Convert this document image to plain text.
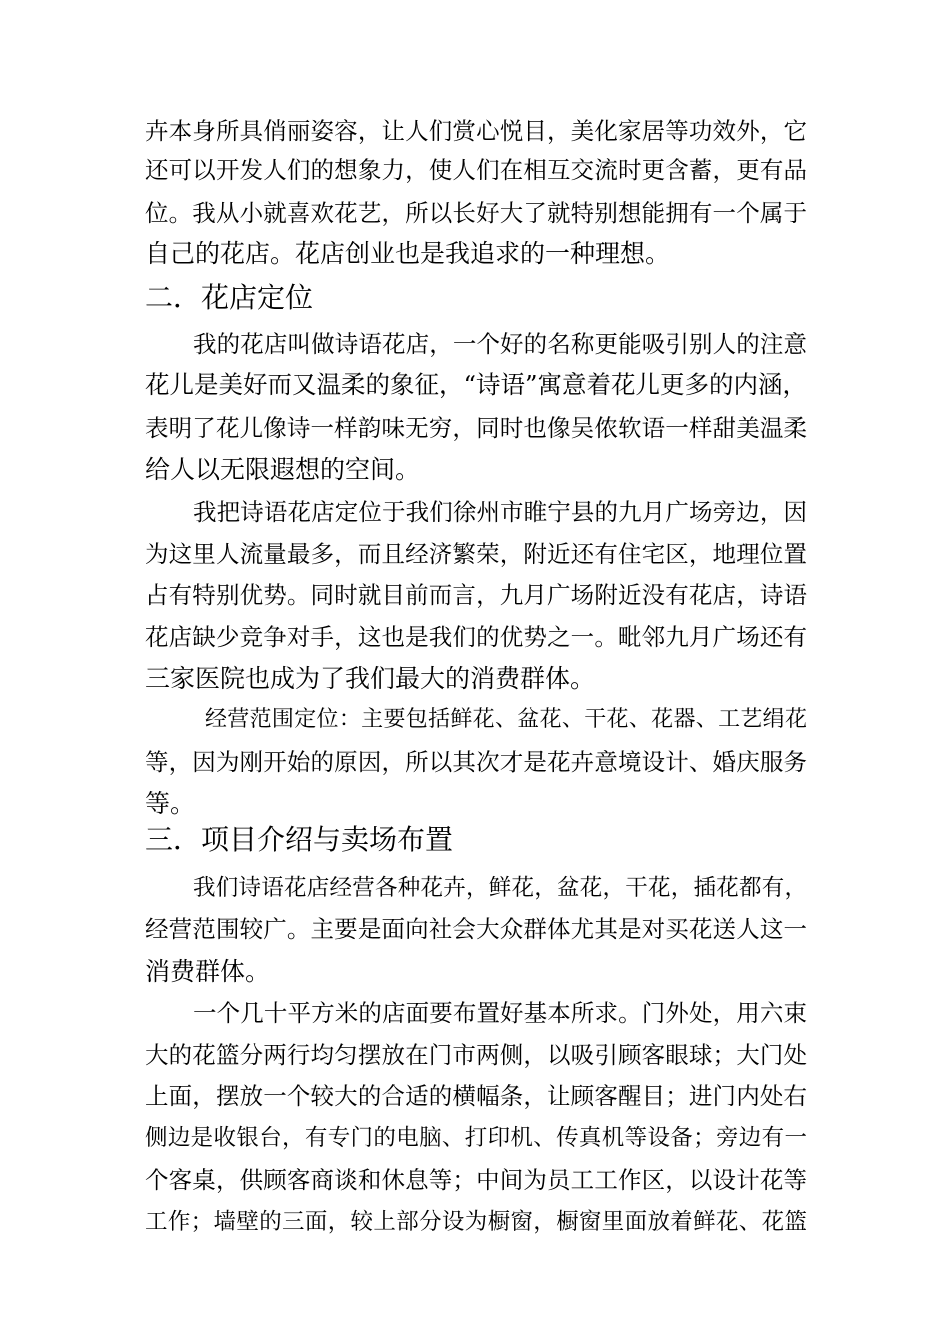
卉本身所具俏丽姿容，让人们赏心悦目，美化家居等功效外，它
还可以开发人们的想象力，使人们在相互交流时更含蓄，更有品
位。我从小就喜欢花艺，所以长好大了就特别想能拥有一个属于
自己的花店。花店创业也是我追求的一种理想。
二．花店定位
我的花店叫做诗语花店，一个好的名称更能吸引别人的注意
花儿是美好而又温柔的象征，“诗语”寓意着花儿更多的内涵，
表明了花儿像诗一样韵味无穷，同时也像吴侬软语一样甜美温柔
给人以无限遐想的空间。
我把诗语花店定位于我们徐州市睢宁县的九月广场旁边，因
为这里人流量最多，而且经济繁荣，附近还有住宅区，地理位置
占有特别优势。同时就目前而言，九月广场附近没有花店，诗语
花店缺少竞争对手，这也是我们的优势之一。毗邻九月广场还有
三家医院也成为了我们最大的消费群体。
经营范围定位：主要包括鲜花、盆花、干花、花器、工艺绢花
等，因为刚开始的原因，所以其次才是花卉意境设计、婚庆服务
等。
三．项目介绍与卖场布置
我们诗语花店经营各种花卉，鲜花，盆花，干花，插花都有，
经营范围较广。主要是面向社会大众群体尤其是对买花送人这一
消费群体。
一个几十平方米的店面要布置好基本所求。门外处，用六束
大的花篮分两行均匀摆放在门市两侧，以吸引顾客眼球；大门处
上面，摆放一个较大的合适的横幅条，让顾客醒目；进门内处右
侧边是收银台，有专门的电脑、打印机、传真机等设备；旁边有一
个客桌，供顾客商谈和休息等；中间为员工工作区，以设计花等
工作；墙壁的三面，较上部分设为橱窗，橱窗里面放着鲜花、花篮
